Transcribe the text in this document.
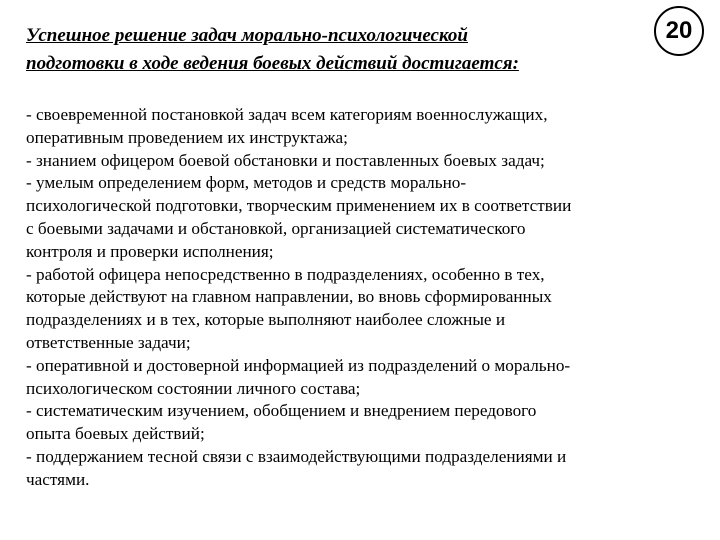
Успешное решение задач морально-психологической
подготовки в ходе ведения боевых действий достигается:
20
- своевременной постановкой задач всем категориям военнослужащих,
оперативным проведением их инструктажа;
- знанием офицером боевой обстановки и поставленных боевых задач;
- умелым определением форм, методов и средств морально-
психологической подготовки, творческим применением их в соответствии
с боевыми задачами и обстановкой, организацией систематического
контроля и проверки исполнения;
- работой офицера непосредственно в подразделениях, особенно в тех,
которые действуют на главном направлении, во вновь сформированных
подразделениях и в тех, которые выполняют наиболее сложные и
ответственные задачи;
- оперативной и достоверной информацией из подразделений о морально-
психологическом состоянии личного состава;
- систематическим изучением, обобщением и внедрением передового
опыта боевых действий;
- поддержанием тесной связи с взаимодействующими подразделениями и
частями.
